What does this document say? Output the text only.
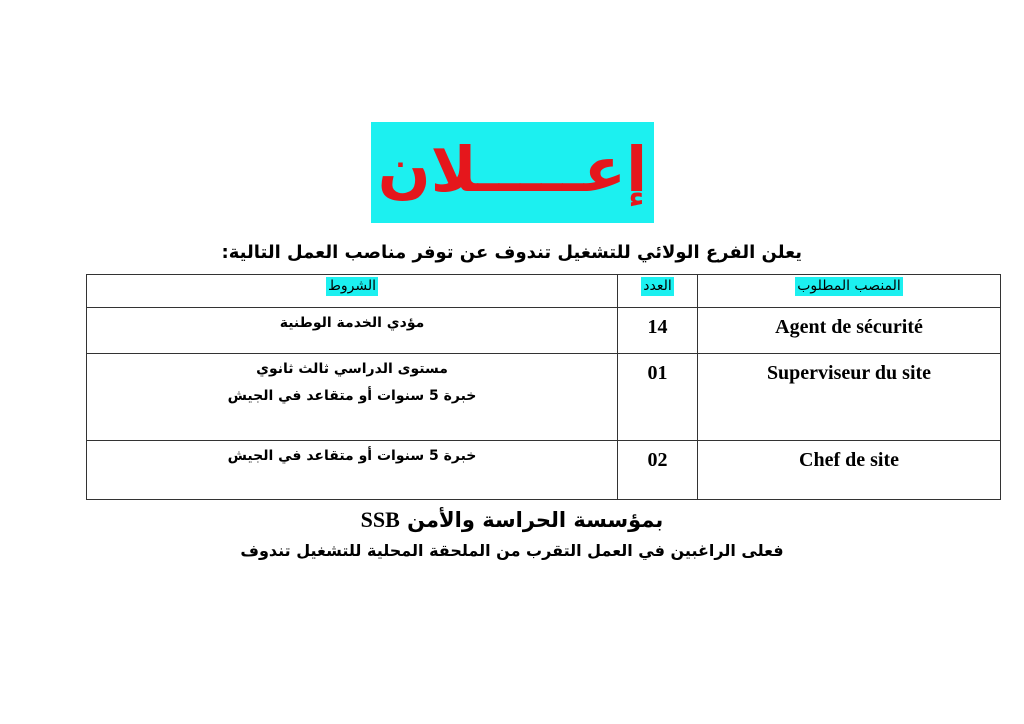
إعـــــلان
يعلن الفرع الولائي للتشغيل تندوف عن توفر مناصب العمل التالية:
الشروط	العدد	المنصب المطلوب

مؤدي الخدمة الوطنية	14	Agent de sécurité

مستوى الدراسي ثالث ثانوي
خبرة 5 سنوات أو متقاعد في الجيش	01	Superviseur du site

خبرة 5 سنوات أو متقاعد في الجيش	02	Chef de site
بمؤسسة الحراسة والأمن SSB
فعلى الراغبين في العمل التقرب من الملحقة المحلية للتشغيل تندوف
